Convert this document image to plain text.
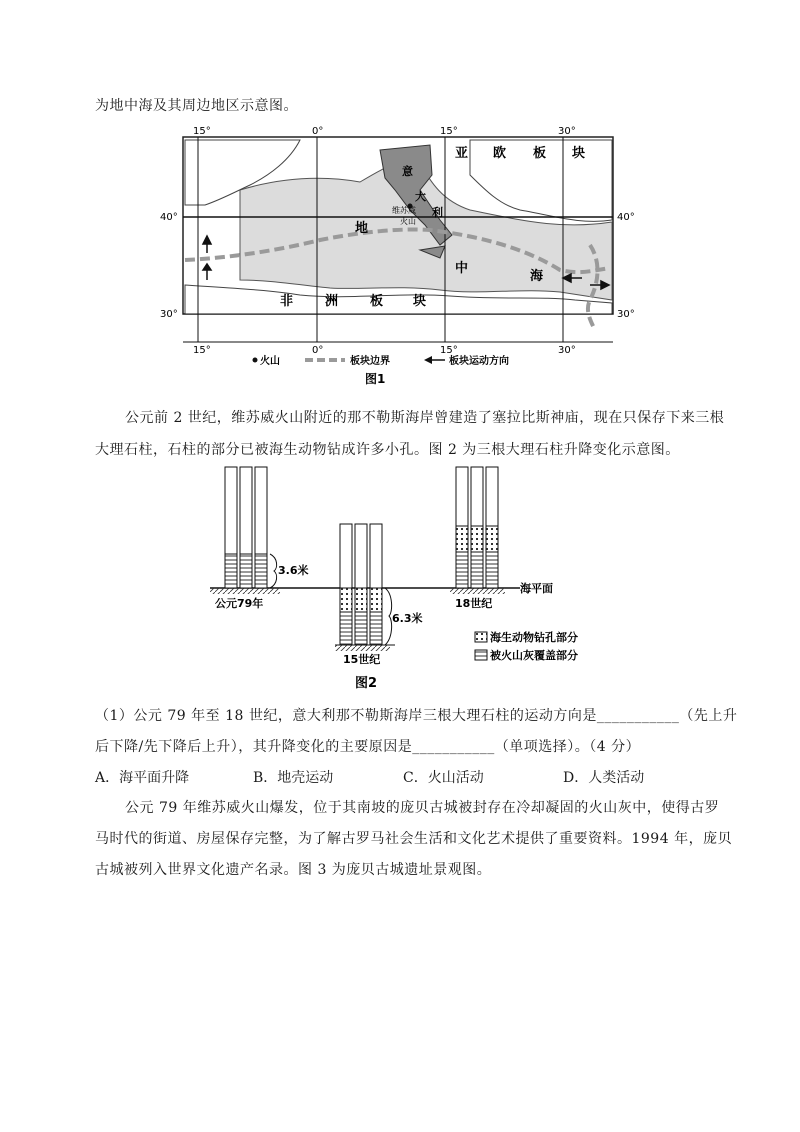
为地中海及其周边地区示意图。
15°	0°	15°	30°
15°	0°	15°	30°
40°
30°
40°
30°
亚 欧 板 块
非 洲 板 块
地
中
海
意
大
利
维苏威
火山
火山	板块边界	板块运动方向
图1
公元前 2 世纪，维苏威火山附近的那不勒斯海岸曾建造了塞拉比斯神庙，现在只保存下来三根
大理石柱，石柱的部分已被海生动物钻成许多小孔。图 2 为三根大理石柱升降变化示意图。
海平面
3.6米
公元79年
6.3米
15世纪
18世纪
海生动物钻孔部分
被火山灰覆盖部分
图2
（1）公元 79 年至 18 世纪，意大利那不勒斯海岸三根大理石柱的运动方向是___________（先上升
后下降/先下降后上升），其升降变化的主要原因是___________（单项选择）。（4 分）
A．海平面升降	B．地壳运动	C．火山活动	D．人类活动
公元 79 年维苏威火山爆发，位于其南坡的庞贝古城被封存在冷却凝固的火山灰中，使得古罗
马时代的街道、房屋保存完整，为了解古罗马社会生活和文化艺术提供了重要资料。1994 年，庞贝
古城被列入世界文化遗产名录。图 3 为庞贝古城遗址景观图。
